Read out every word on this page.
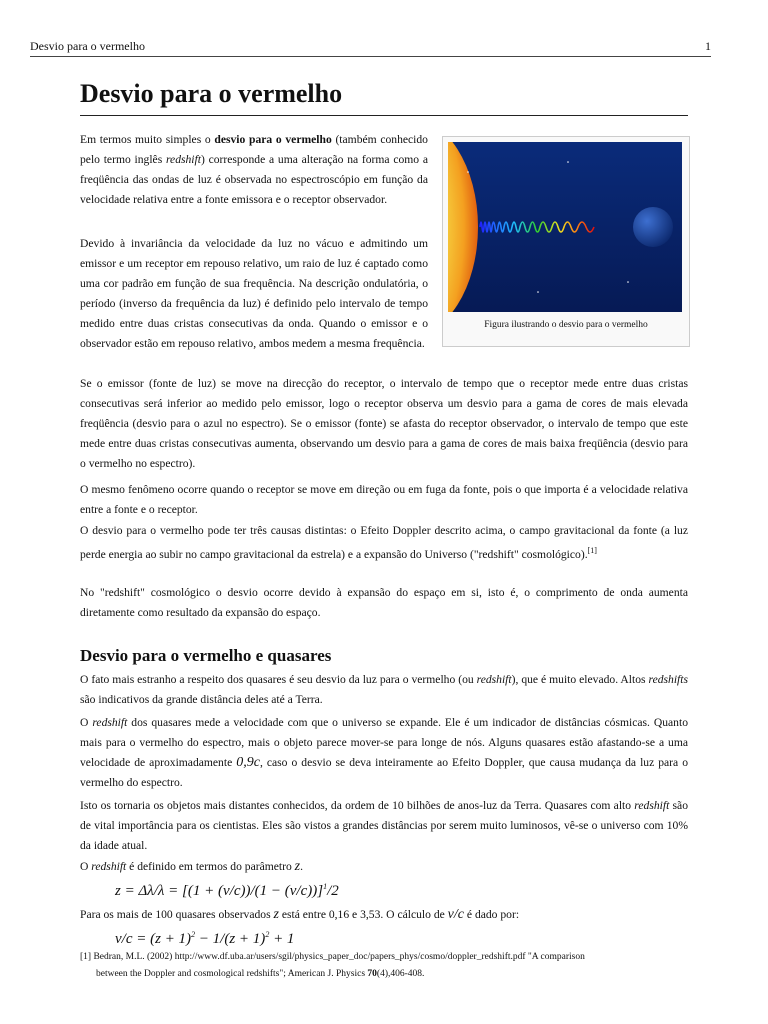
Desvio para o vermelho	1
Desvio para o vermelho

Em termos muito simples o desvio para o vermelho (também conhecido pelo termo inglês redshift) corresponde a uma alteração na forma como a freqüência das ondas de luz é observada no espectroscópio em função da velocidade relativa entre a fonte emissora e o receptor observador.

Devido à invariância da velocidade da luz no vácuo e admitindo um emissor e um receptor em repouso relativo, um raio de luz é captado como uma cor padrão em função de sua frequência. Na descrição ondulatória, o período (inverso da frequência da luz) é definido pelo intervalo de tempo medido entre duas cristas consecutivas da onda. Quando o emissor e o observador estão em repouso relativo, ambos medem a mesma frequência.

Figura ilustrando o desvio para o vermelho

Se o emissor (fonte de luz) se move na direcção do receptor, o intervalo de tempo que o receptor mede entre duas cristas consecutivas será inferior ao medido pelo emissor, logo o receptor observa um desvio para a gama de cores de mais elevada freqüência (desvio para o azul no espectro). Se o emissor (fonte) se afasta do receptor observador, o intervalo de tempo que este mede entre duas cristas consecutivas aumenta, observando um desvio para a gama de cores de mais baixa freqüência (desvio para o vermelho no espectro).

O mesmo fenômeno ocorre quando o receptor se move em direção ou em fuga da fonte, pois o que importa é a velocidade relativa entre a fonte e o receptor.

O desvio para o vermelho pode ter três causas distintas: o Efeito Doppler descrito acima, o campo gravitacional da fonte (a luz perde energia ao subir no campo gravitacional da estrela) e a expansão do Universo ("redshift" cosmológico).[1]

No "redshift" cosmológico o desvio ocorre devido à expansão do espaço em si, isto é, o comprimento de onda aumenta diretamente como resultado da expansão do espaço.

Desvio para o vermelho e quasares

O fato mais estranho a respeito dos quasares é seu desvio da luz para o vermelho (ou redshift), que é muito elevado. Altos redshifts são indicativos da grande distância deles até a Terra.

O redshift dos quasares mede a velocidade com que o universo se expande. Ele é um indicador de distâncias cósmicas. Quanto mais para o vermelho do espectro, mais o objeto parece mover-se para longe de nós. Alguns quasares estão afastando-se a uma velocidade de aproximadamente 0,9c, caso o desvio se deva inteiramente ao Efeito Doppler, que causa mudança da luz para o vermelho do espectro.

Isto os tornaria os objetos mais distantes conhecidos, da ordem de 10 bilhões de anos-luz da Terra. Quasares com alto redshift são de vital importância para os cientistas. Eles são vistos a grandes distâncias por serem muito luminosos, vê-se o universo com 10% da idade atual.

O redshift é definido em termos do parâmetro z.

$z = \Delta\lambda/\lambda = [(1 + (v/c))/(1 - (v/c))]^1/2$

Para os mais de 100 quasares observados z está entre 0,16 e 3,53. O cálculo de v/c é dado por:

$v/c = (z + 1)^2 - 1/(z + 1)^2 + 1$
[1] Bedran, M.L. (2002) http://www.df.uba.ar/users/sgil/physics_paper_doc/papers_phys/cosmo/doppler_redshift.pdf "A comparison
between the Doppler and cosmological redshifts"; American J. Physics 70(4),406-408.
